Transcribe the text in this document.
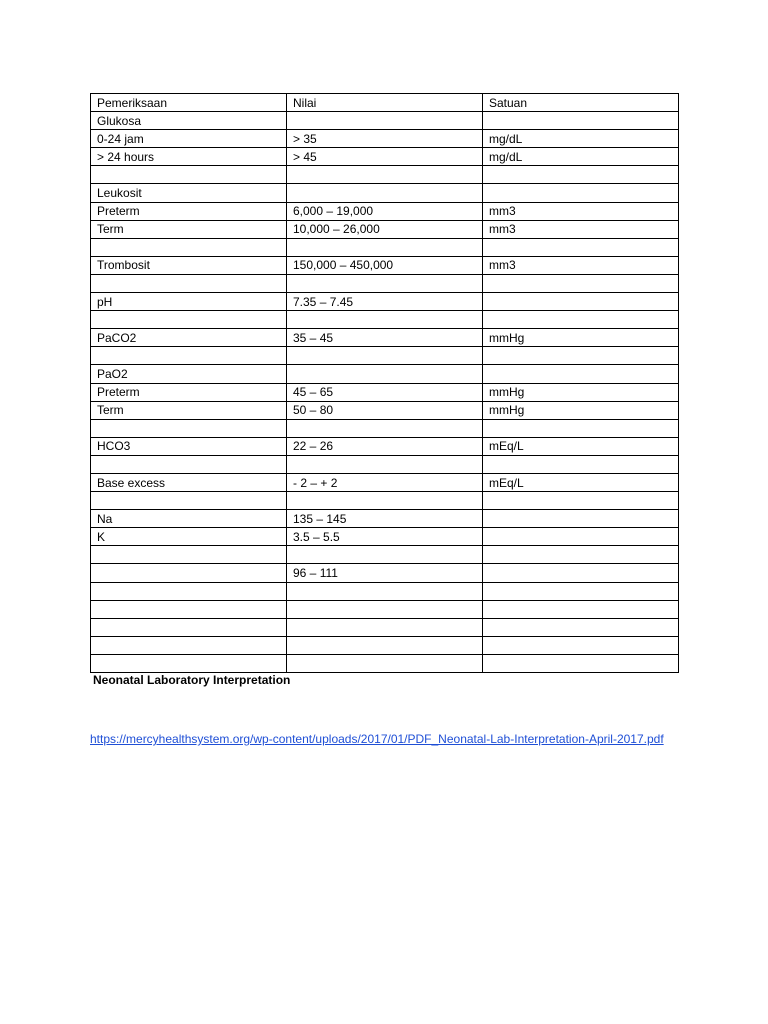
Pemeriksaan	Nilai	Satuan
Glukosa		
0-24 jam	> 35	mg/dL
> 24 hours	> 45	mg/dL

Leukosit		
Preterm	6,000 – 19,000	mm3
Term	10,000 – 26,000	mm3

Trombosit	150,000 – 450,000	mm3

pH	7.35 – 7.45	

PaCO2	35 – 45	mmHg

PaO2		
Preterm	45 – 65	mmHg
Term	50 – 80	mmHg

HCO3	22 – 26	mEq/L

Base excess	- 2 – + 2	mEq/L

Na	135 – 145	
K	3.5 – 5.5	

	96 – 111	

Neonatal Laboratory Interpretation
https://mercyhealthsystem.org/wp-content/uploads/2017/01/PDF_Neonatal-Lab-Interpretation-April-2017.pdf
